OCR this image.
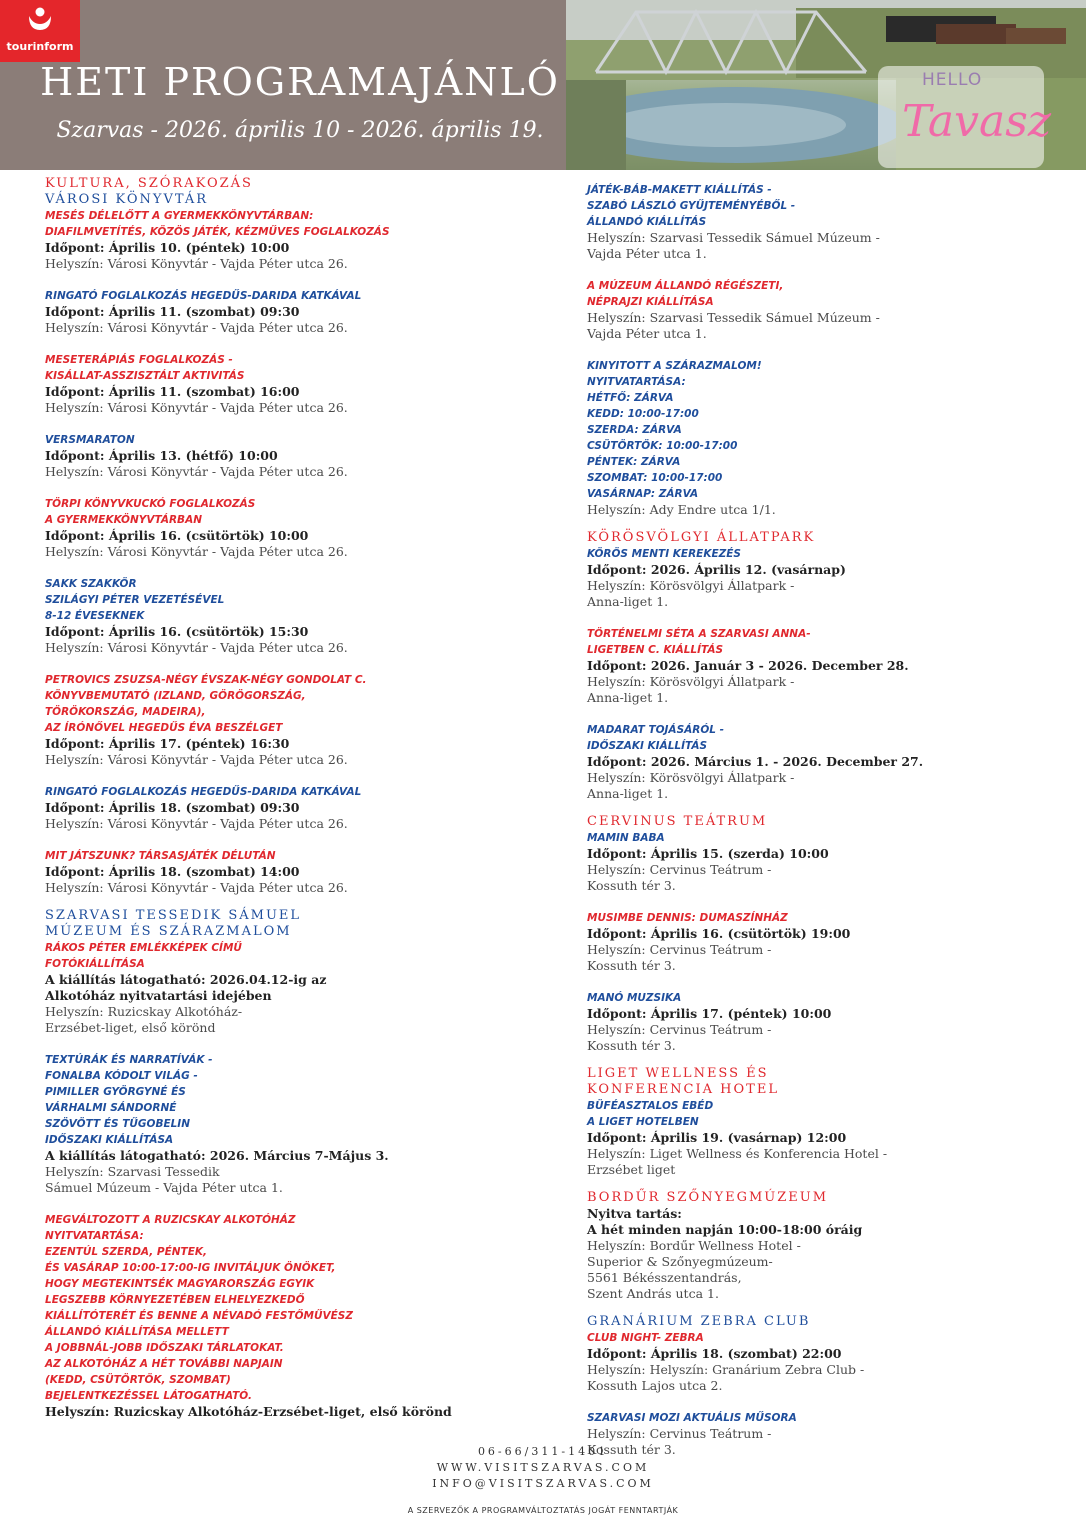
tourinform
HETI PROGRAMAJÁNLÓ
Szarvas - 2026. április 10 - 2026. április 19.
HELLO
Tavasz
KULTURA, SZÓRAKOZÁS
VÁROSI KÖNYVTÁR
MESÉS DÉLELŐTT A GYERMEKKÖNYVTÁRBAN:
DIAFILMVETÍTÉS, KÖZÖS JÁTÉK, KÉZMŰVES FOGLALKOZÁS
Időpont: Április 10. (péntek) 10:00
Helyszín: Városi Könyvtár - Vajda Péter utca 26.
RINGATÓ FOGLALKOZÁS HEGEDŰS-DARIDA KATKÁVAL
Időpont: Április 11. (szombat) 09:30
Helyszín: Városi Könyvtár - Vajda Péter utca 26.
MESETERÁPIÁS FOGLALKOZÁS -
KISÁLLAT-ASSZISZTÁLT AKTIVITÁS
Időpont: Április 11. (szombat) 16:00
Helyszín: Városi Könyvtár - Vajda Péter utca 26.
VERSMARATON
Időpont: Április 13. (hétfő) 10:00
Helyszín: Városi Könyvtár - Vajda Péter utca 26.
TÖRPI KÖNYVKUCKÓ FOGLALKOZÁS
A GYERMEKKÖNYVTÁRBAN
Időpont: Április 16. (csütörtök) 10:00
Helyszín: Városi Könyvtár - Vajda Péter utca 26.
SAKK SZAKKÖR
SZILÁGYI PÉTER VEZETÉSÉVEL
8-12 ÉVESEKNEK
Időpont: Április 16. (csütörtök) 15:30
Helyszín: Városi Könyvtár - Vajda Péter utca 26.
PETROVICS ZSUZSA-NÉGY ÉVSZAK-NÉGY GONDOLAT C.
KÖNYVBEMUTATÓ (IZLAND, GÖRÖGORSZÁG,
TÖRÖKORSZÁG, MADEIRA),
AZ ÍRÓNŐVEL HEGEDŰS ÉVA BESZÉLGET
Időpont: Április 17. (péntek) 16:30
Helyszín: Városi Könyvtár - Vajda Péter utca 26.
RINGATÓ FOGLALKOZÁS HEGEDŰS-DARIDA KATKÁVAL
Időpont: Április 18. (szombat) 09:30
Helyszín: Városi Könyvtár - Vajda Péter utca 26.
MIT JÁTSZUNK? TÁRSASJÁTÉK DÉLUTÁN
Időpont: Április 18. (szombat) 14:00
Helyszín: Városi Könyvtár - Vajda Péter utca 26.
SZARVASI TESSEDIK SÁMUEL
MÚZEUM ÉS SZÁRAZMALOM
RÁKOS PÉTER EMLÉKKÉPEK CÍMŰ
FOTÓKIÁLLÍTÁSA
A kiállítás látogatható: 2026.04.12-ig az
Alkotóház nyitvatartási idejében
Helyszín: Ruzicskay Alkotóház-
Erzsébet-liget, első körönd
TEXTÚRÁK ÉS NARRATÍVÁK -
FONALBA KÓDOLT VILÁG -
PIMILLER GYÖRGYNÉ ÉS
VÁRHALMI SÁNDORNÉ
SZÖVÖTT ÉS TŰGOBELIN
IDŐSZAKI KIÁLLÍTÁSA
A kiállítás látogatható: 2026. Március 7-Május 3.
Helyszín: Szarvasi Tessedik
Sámuel Múzeum - Vajda Péter utca 1.
MEGVÁLTOZOTT A RUZICSKAY ALKOTÓHÁZ
NYITVATARTÁSA:
EZENTÚL SZERDA, PÉNTEK,
ÉS VASÁRAP 10:00-17:00-IG INVITÁLJUK ÖNÖKET,
HOGY MEGTEKINTSÉK MAGYARORSZÁG EGYIK
LEGSZEBB KÖRNYEZETÉBEN ELHELYEZKEDŐ
KIÁLLÍTÓTERÉT ÉS BENNE A NÉVADÓ FESTŐMŰVÉSZ
ÁLLANDÓ KIÁLLÍTÁSA MELLETT
A JOBBNÁL-JOBB IDŐSZAKI TÁRLATOKAT.
AZ ALKOTÓHÁZ A HÉT TOVÁBBI NAPJAIN
(KEDD, CSÜTÖRTÖK, SZOMBAT)
BEJELENTKEZÉSSEL LÁTOGATHATÓ.
Helyszín: Ruzicskay Alkotóház-Erzsébet-liget, első körönd
JÁTÉK-BÁB-MAKETT KIÁLLÍTÁS -
SZABÓ LÁSZLÓ GYŰJTEMÉNYÉBŐL -
ÁLLANDÓ KIÁLLÍTÁS
Helyszín: Szarvasi Tessedik Sámuel Múzeum -
Vajda Péter utca 1.
A MÚZEUM ÁLLANDÓ RÉGÉSZETI,
NÉPRAJZI KIÁLLÍTÁSA
Helyszín: Szarvasi Tessedik Sámuel Múzeum -
Vajda Péter utca 1.
KINYITOTT A SZÁRAZMALOM!
NYITVATARTÁSA:
HÉTFŐ: ZÁRVA
KEDD: 10:00-17:00
SZERDA: ZÁRVA
CSÜTÖRTÖK: 10:00-17:00
PÉNTEK: ZÁRVA
SZOMBAT: 10:00-17:00
VASÁRNAP: ZÁRVA
Helyszín: Ady Endre utca 1/1.
KÖRÖSVÖLGYI ÁLLATPARK
KÖRÖS MENTI KEREKEZÉS
Időpont: 2026. Április 12. (vasárnap)
Helyszín: Körösvölgyi Állatpark -
Anna-liget 1.
TÖRTÉNELMI SÉTA A SZARVASI ANNA-
LIGETBEN C. KIÁLLÍTÁS
Időpont: 2026. Január 3 - 2026. December 28.
Helyszín: Körösvölgyi Állatpark -
Anna-liget 1.
MADARAT TOJÁSÁRÓL -
IDŐSZAKI KIÁLLÍTÁS
Időpont: 2026. Március 1. - 2026. December 27.
Helyszín: Körösvölgyi Állatpark -
Anna-liget 1.
CERVINUS TEÁTRUM
MAMIN BABA
Időpont: Április 15. (szerda) 10:00
Helyszín: Cervinus Teátrum -
Kossuth tér 3.
MUSIMBE DENNIS: DUMASZÍNHÁZ
Időpont: Április 16. (csütörtök) 19:00
Helyszín: Cervinus Teátrum -
Kossuth tér 3.
MANÓ MUZSIKA
Időpont: Április 17. (péntek) 10:00
Helyszín: Cervinus Teátrum -
Kossuth tér 3.
LIGET WELLNESS ÉS
KONFERENCIA HOTEL
BÜFÉASZTALOS EBÉD
A LIGET HOTELBEN
Időpont: Április 19. (vasárnap) 12:00
Helyszín: Liget Wellness és Konferencia Hotel -
Erzsébet liget
BORDŰR SZŐNYEGMÚZEUM
Nyitva tartás:
A hét minden napján 10:00-18:00 óráig
Helyszín: Bordűr Wellness Hotel -
Superior & Szőnyegmúzeum-
5561 Békésszentandrás,
Szent András utca 1.
GRANÁRIUM ZEBRA CLUB
CLUB NIGHT- ZEBRA
Időpont: Április 18. (szombat) 22:00
Helyszín: Helyszín: Granárium Zebra Club -
Kossuth Lajos utca 2.
SZARVASI MOZI AKTUÁLIS MŰSORA
Helyszín: Cervinus Teátrum -
Kossuth tér 3.
06-66/311-1401
WWW.VISITSZARVAS.COM
INFO@VISITSZARVAS.COM
A SZERVEZŐK A PROGRAMVÁLTOZTATÁS JOGÁT FENNTARTJÁK
